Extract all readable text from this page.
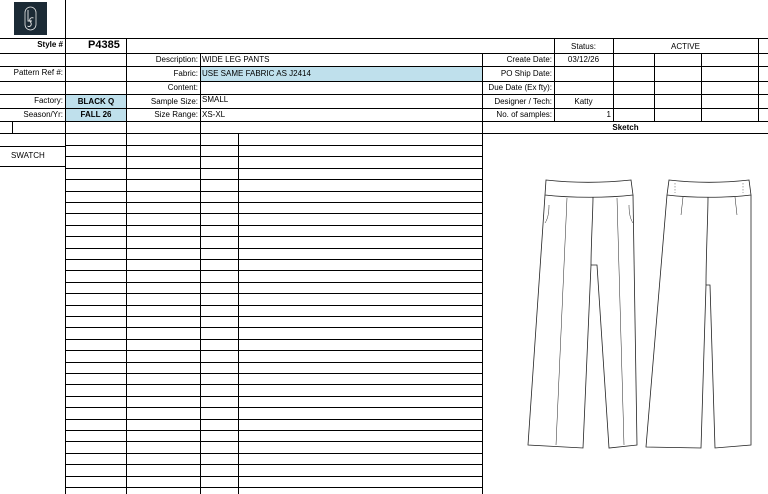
Style # P4385	Status:	ACTIVE
Description: WIDE LEG PANTS	Create Date:	03/12/26
Pattern Ref #:	Fabric: USE SAME FABRIC AS J2414	PO Ship Date:
Content:	Due Date (Ex fty):
Factory:	BLACK Q	Sample Size: SMALL	Designer / Tech:	Katty
Season/Yr:	FALL 26	Size Range: XS-XL	No. of samples:	1
Sketch
SWATCH
